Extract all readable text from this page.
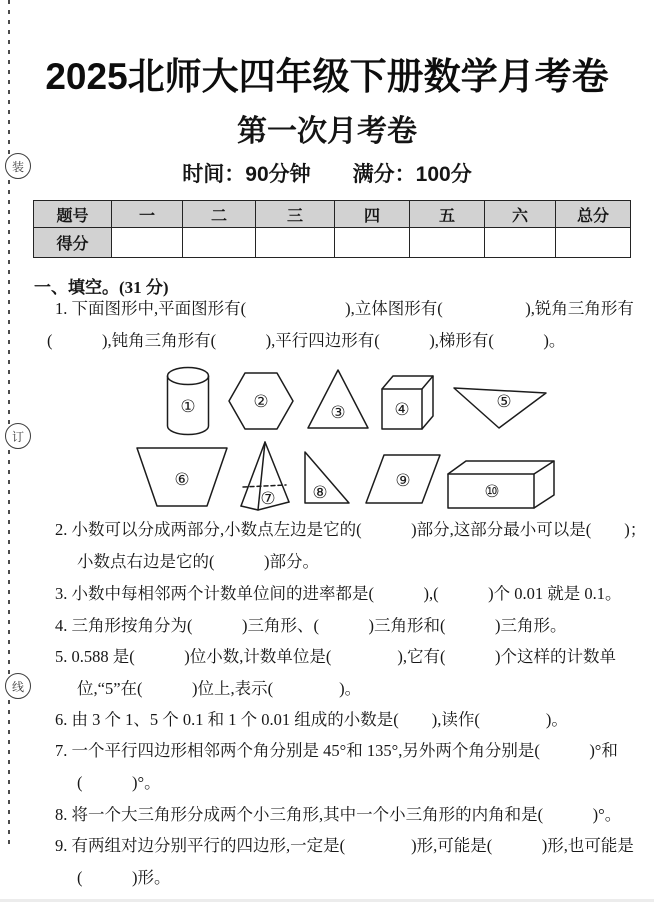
装
订
线
2025北师大四年级下册数学月考卷
第一次月考卷
时间：90分钟　　满分：100分
题号	一	二	三	四	五	六	总分
得分							
一、填空。(31 分)
1. 下面图形中,平面图形有(　　　　　　),立体图形有(　　　　　),锐角三角形有
(　　　),钝角三角形有(　　　),平行四边形有(　　　),梯形有(　　　)。
①	②
③	④	⑤
⑥
⑦ ⑧
⑨
⑩
2. 小数可以分成两部分,小数点左边是它的(　　　)部分,这部分最小可以是(　　)；
小数点右边是它的(　　　)部分。
3. 小数中每相邻两个计数单位间的进率都是(　　　),(　　　)个 0.01 就是 0.1。
4. 三角形按角分为(　　　)三角形、(　　　)三角形和(　　　)三角形。
5. 0.588 是(　　　)位小数,计数单位是(　　　　),它有(　　　)个这样的计数单
位,“5”在(　　　)位上,表示(　　　　)。
6. 由 3 个 1、5 个 0.1 和 1 个 0.01 组成的小数是(　　),读作(　　　　)。
7. 一个平行四边形相邻两个角分别是 45°和 135°,另外两个角分别是(　　　)°和
(　　　)°。
8. 将一个大三角形分成两个小三角形,其中一个小三角形的内角和是(　　　)°。
9. 有两组对边分别平行的四边形,一定是(　　　　)形,可能是(　　　)形,也可能是
(　　　)形。
